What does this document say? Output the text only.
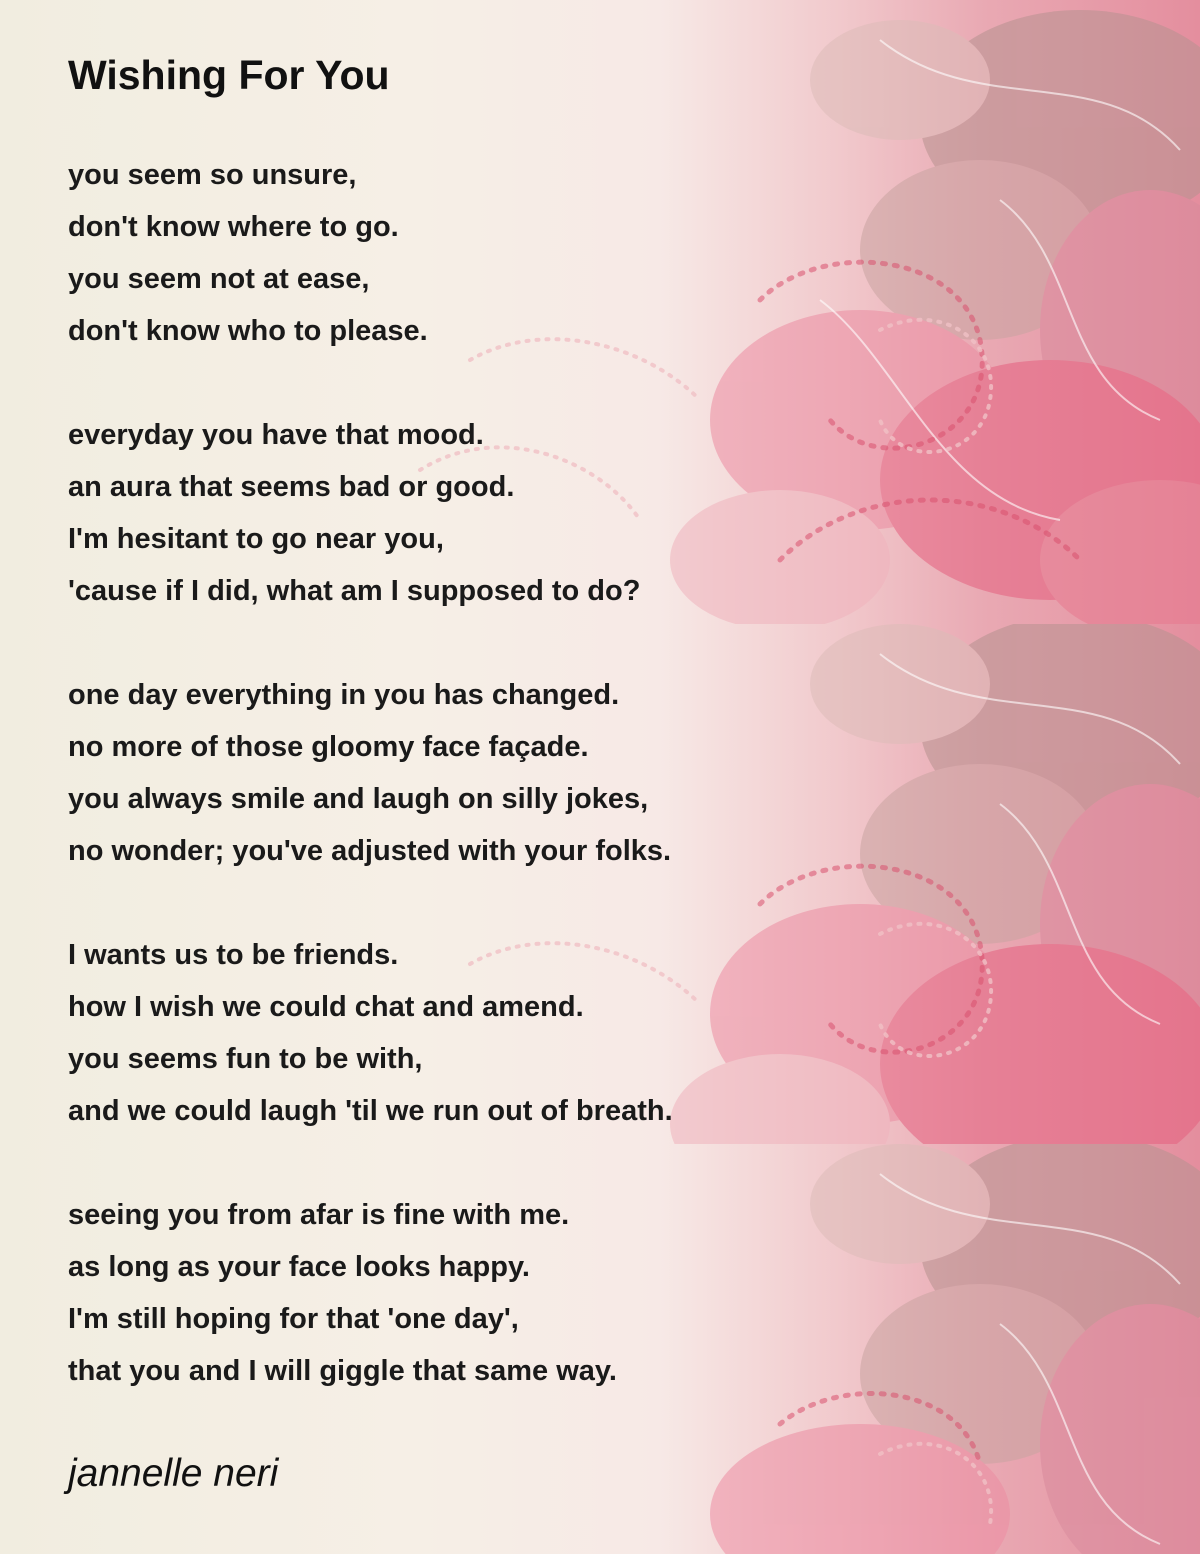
Wishing For You
you seem so unsure,
don't know where to go.
you seem not at ease,
don't know who to please.
everyday you have that mood.
an aura that seems bad or good.
I'm hesitant to go near you,
'cause if I did, what am I supposed to do?
one day everything in you has changed.
no more of those gloomy face façade.
you always smile and laugh on silly jokes,
no wonder; you've adjusted with your folks.
I wants us to be friends.
how I wish we could chat and amend.
you seems fun to be with,
and we could laugh 'til we run out of breath.
seeing you from afar is fine with me.
as long as your face looks happy.
I'm still hoping for that 'one day',
that you and I will giggle that same way.
jannelle neri
